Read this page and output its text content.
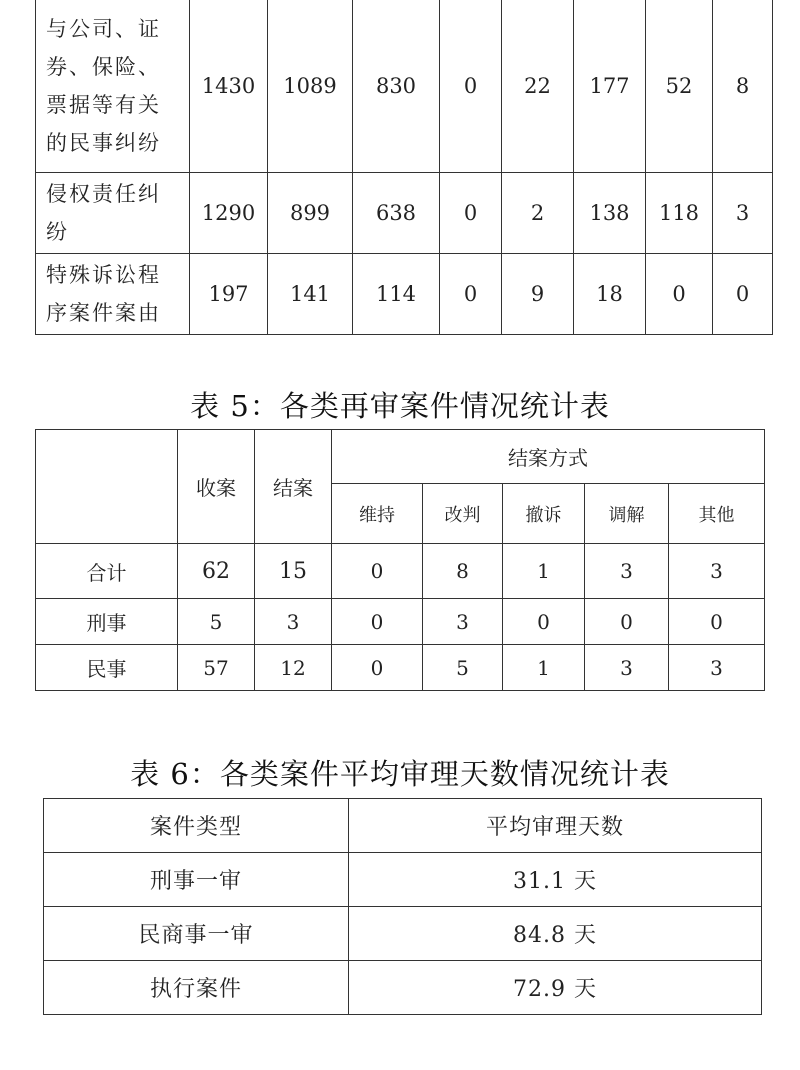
与公司、证券、保险、票据等有关的民事纠纷	1430	1089	830	0	22	177	52	8
侵权责任纠纷	1290	899	638	0	2	138	118	3
特殊诉讼程序案件案由	197	141	114	0	9	18	0	0
表 5：各类再审案件情况统计表
	收案	结案	结案方式				
			维持	改判	撤诉	调解	其他
合计	62	15	0	8	1	3	3
刑事	5	3	0	3	0	0	0
民事	57	12	0	5	1	3	3
表 6：各类案件平均审理天数情况统计表
案件类型	平均审理天数
刑事一审	31.1 天
民商事一审	84.8 天
执行案件	72.9 天
